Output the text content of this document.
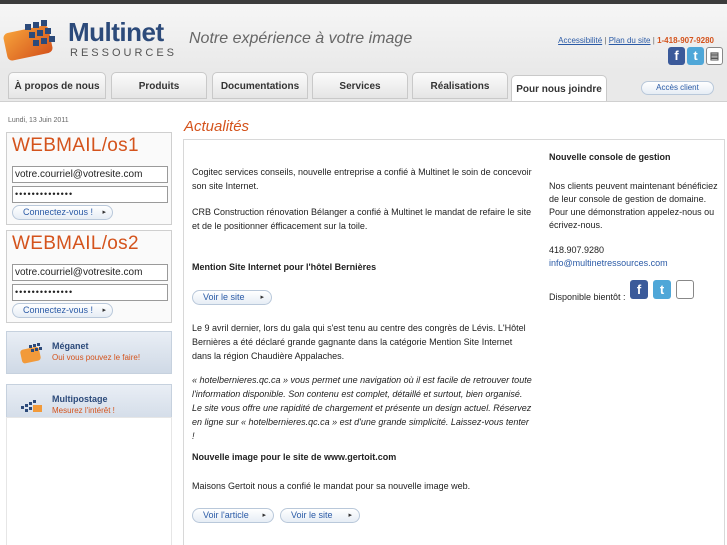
Multinet
RESSOURCES
Notre expérience à votre image	Accessibilité | Plan du site | 1-418-907-9280
f t ▤
À propos de nous	Produits	Documentations	Services	Réalisations	Pour nous joindre	Accès client
Lundi, 13 Juin 2011
WEBMAIL/os1
votre.courriel@votresite.com
••••••••••••••
Connectez-vous ! ▸
WEBMAIL/os2
votre.courriel@votresite.com
••••••••••••••
Connectez-vous ! ▸
Méganet
Oui vous pouvez le faire!
Multipostage
Mesurez l'intérêt !
Actualités

Cogitec services conseils, nouvelle entreprise a confié à Multinet le soin de concevoir son site Internet.

CRB Construction rénovation Bélanger a confié à Multinet le mandat de refaire le site et de le positionner éfficacement sur la toile.

Mention Site Internet pour l'hôtel Bernières

Le 9 avril dernier, lors du gala qui s'est tenu au centre des congrès de Lévis. L'Hôtel Bernières a été déclaré grande gagnante dans la catégorie Mention Site Internet dans la région Chaudière Appalaches.

« hotelbernieres.qc.ca » vous permet une navigation où il est facile de retrouver toute l'information disponible. Son contenu est complet, détaillé et surtout, bien organisé. Le site vous offre une rapidité de chargement et présente un design actuel. Réservez en ligne sur « hotelbernieres.qc.ca » est d'une grande simplicité. Laissez-vous tenter !

Nouvelle image pour le site de www.gertoit.com

Maisons Gertoit nous a confié le mandat pour sa nouvelle image web.

Voir le site ▸
Voir l'article ▸	Voir le site ▸

Nouvelle console de gestion

Nos clients peuvent maintenant bénéficiez de leur console de gestion de domaine. Pour une démonstration appelez-nous ou écrivez-nous.

418.907.9280

info@multinetressources.com

Disponible bientôt : f t ▤
